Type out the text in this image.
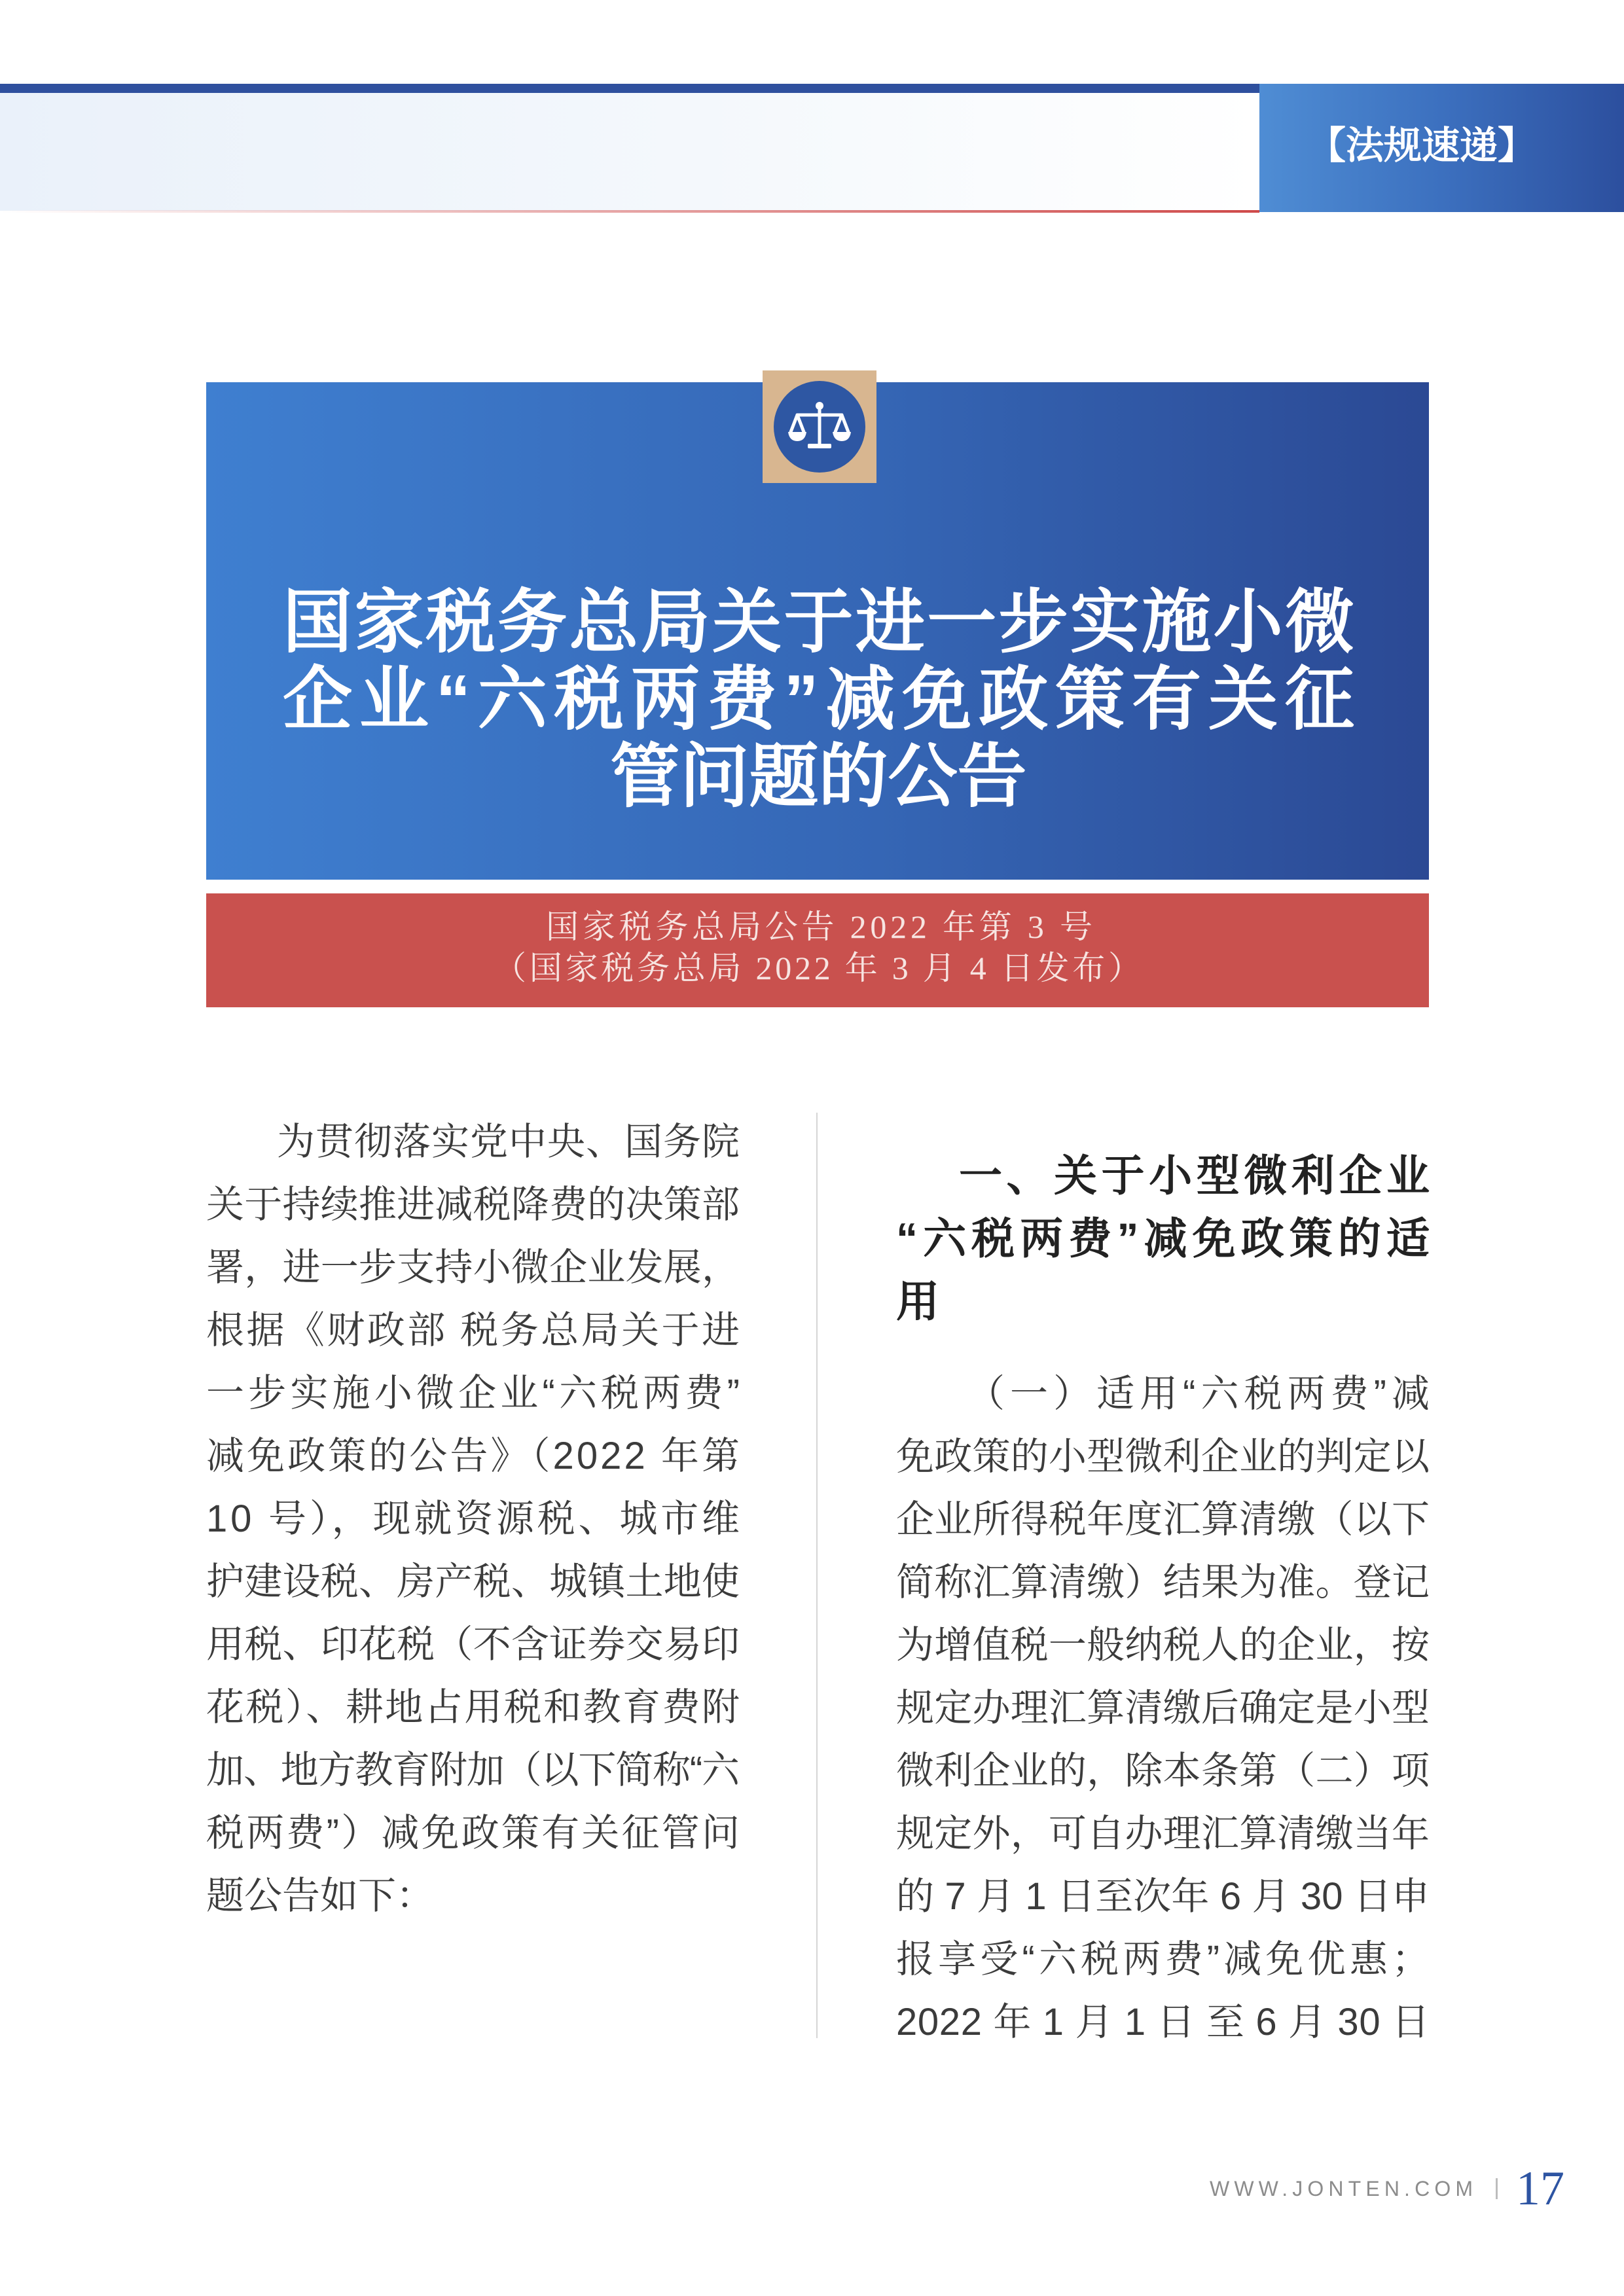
【法规速递】
国家税务总局关于进一步实施小微
企业“六税两费”减免政策有关征
管问题的公告
国家税务总局公告 2022 年第 3 号
（国家税务总局 2022 年 3 月 4 日发布）
为贯彻落实党中央、国务院
关于持续推进减税降费的决策部
署，进一步支持小微企业发展，
根据《财政部 税务总局关于进
一步实施小微企业“六税两费”
减免政策的公告》（2022 年第
10 号），现就资源税、城市维
护建设税、房产税、城镇土地使
用税、印花税（不含证券交易印
花税）、耕地占用税和教育费附
加、地方教育附加（以下简称“六
税两费”）减免政策有关征管问
题公告如下：
一、关于小型微利企业
“六税两费”减免政策的适
用
（一）适用“六税两费”减
免政策的小型微利企业的判定以
企业所得税年度汇算清缴（以下
简称汇算清缴）结果为准。登记
为增值税一般纳税人的企业，按
规定办理汇算清缴后确定是小型
微利企业的，除本条第（二）项
规定外，可自办理汇算清缴当年
的 7 月 1 日至次年 6 月 30 日申
报享受“六税两费”减免优惠；
2022 年 1 月 1 日 至 6 月 30 日
WWW.JONTEN.COM 17
